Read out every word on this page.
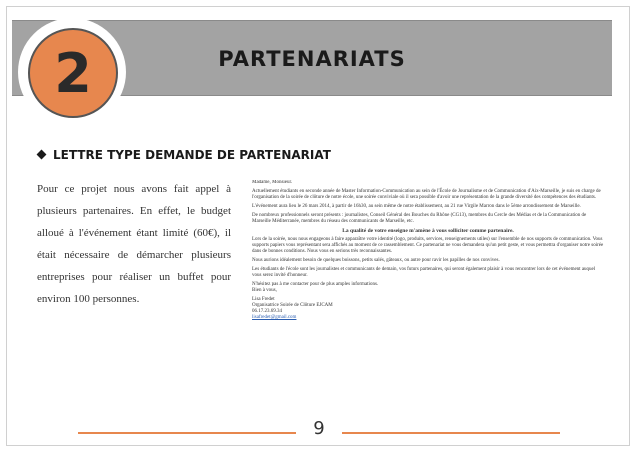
PARTENARIATS
2
LETTRE TYPE DEMANDE DE PARTENARIAT
Pour ce projet nous avons fait appel à plusieurs partenaires. En effet, le budget alloué à l'événement étant limité (60€), il était nécessaire de démarcher plusieurs entreprises pour réaliser un buffet pour environ 100 personnes.

Madame, Monsieur.

Actuellement étudiants en seconde année de Master Information-Communication au sein de l'École de Journalisme et de Communication d'Aix-Marseille, je suis en charge de l'organisation de la soirée de clôture de notre école, une soirée conviviale où il sera possible d'avoir une représentation de la grande diversité des compétences des étudiants.

L'événement aura lieu le 26 mars 2014, à partir de 16h30, au sein même de notre établissement, au 21 rue Virgile Marron dans le 5ème arrondissement de Marseille.

De nombreux professionnels seront présents : journalistes, Conseil Général des Bouches du Rhône (CG13), membres du Cercle des Médias et de la Communication de Marseille Méditerranée, membres du réseau des communicants de Marseille, etc.

La qualité de votre enseigne m'amène à vous solliciter comme partenaire.

Lors de la soirée, nous nous engageons à faire apparaître votre identité (logo, produits, services, renseignements utiles) sur l'ensemble de nos supports de communication. Vous supports papiers vous représentant sera affichés au moment de ce rassemblement. Ce partenariat ne vous demandera qu'un petit geste, et vous permettra d'organiser notre soirée dans de bonnes conditions. Nous vous en serions très reconnaissantes.

Nous aurions idéalement besoin de quelques boissons, petits salés, gâteaux, ou autre pour ravir les papilles de nos convives.

Les étudiants de l'école sont les journalistes et communicants de demain, vos futurs partenaires, qui seront également plaisir à vous rencontrer lors de cet événement auquel vous serez invité d'honneur.

N'hésitez pas à me contacter pour de plus amples informations.
Bien à vous,

Lisa Fredet
Organisatrice Soirée de Clôture EJCAM
06.17.23.69.34
lisafredet@gmail.com

9
